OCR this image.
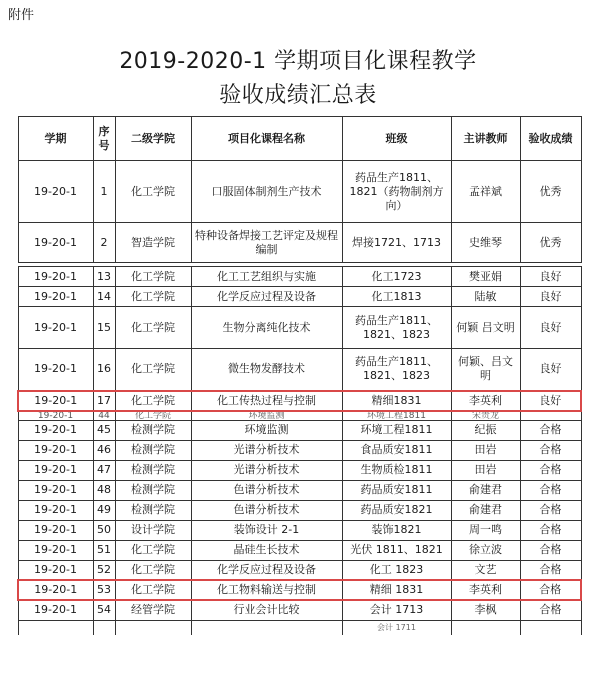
附件
2019-2020-1 学期项目化课程教学
验收成绩汇总表
学期	序号	二级学院	项目化课程名称	班级	主讲教师	验收成绩
19-20-1	1	化工学院	口服固体制剂生产技术	药品生产1811、1821（药物制剂方向）	孟祥斌	优秀
19-20-1	2	智造学院	特种设备焊接工艺评定及规程编制	焊接1721、1713	史维琴	优秀

19-20-1	13	化工学院	化工工艺组织与实施	化工1723	樊亚娟	良好
19-20-1	14	化工学院	化学反应过程及设备	化工1813	陆敏	良好
19-20-1	15	化工学院	生物分离纯化技术	药品生产1811、1821、1823	何颖 吕文明	良好
19-20-1	16	化工学院	微生物发酵技术	药品生产1811、1821、1823	何颖、吕文明	良好
19-20-1	17	化工学院	化工传热过程与控制	精细1831	李英利	良好
19-20-1	44	化工学院	环境监测	环境工程1811	宋贵龙	
19-20-1	45	检测学院	环境监测	环境工程1811	纪振	合格
19-20-1	46	检测学院	光谱分析技术	食品质安1811	田岩	合格
19-20-1	47	检测学院	光谱分析技术	生物质检1811	田岩	合格
19-20-1	48	检测学院	色谱分析技术	药品质安1811	俞建君	合格
19-20-1	49	检测学院	色谱分析技术	药品质安1821	俞建君	合格
19-20-1	50	设计学院	装饰设计 2-1	装饰1821	周一鸣	合格
19-20-1	51	化工学院	晶硅生长技术	光伏 1811、1821	徐立波	合格
19-20-1	52	化工学院	化学反应过程及设备	化工 1823	文艺	合格
19-20-1	53	化工学院	化工物料输送与控制	精细 1831	李英利	合格
19-20-1	54	经管学院	行业会计比较	会计 1713	李枫	合格
				会计 1711		
